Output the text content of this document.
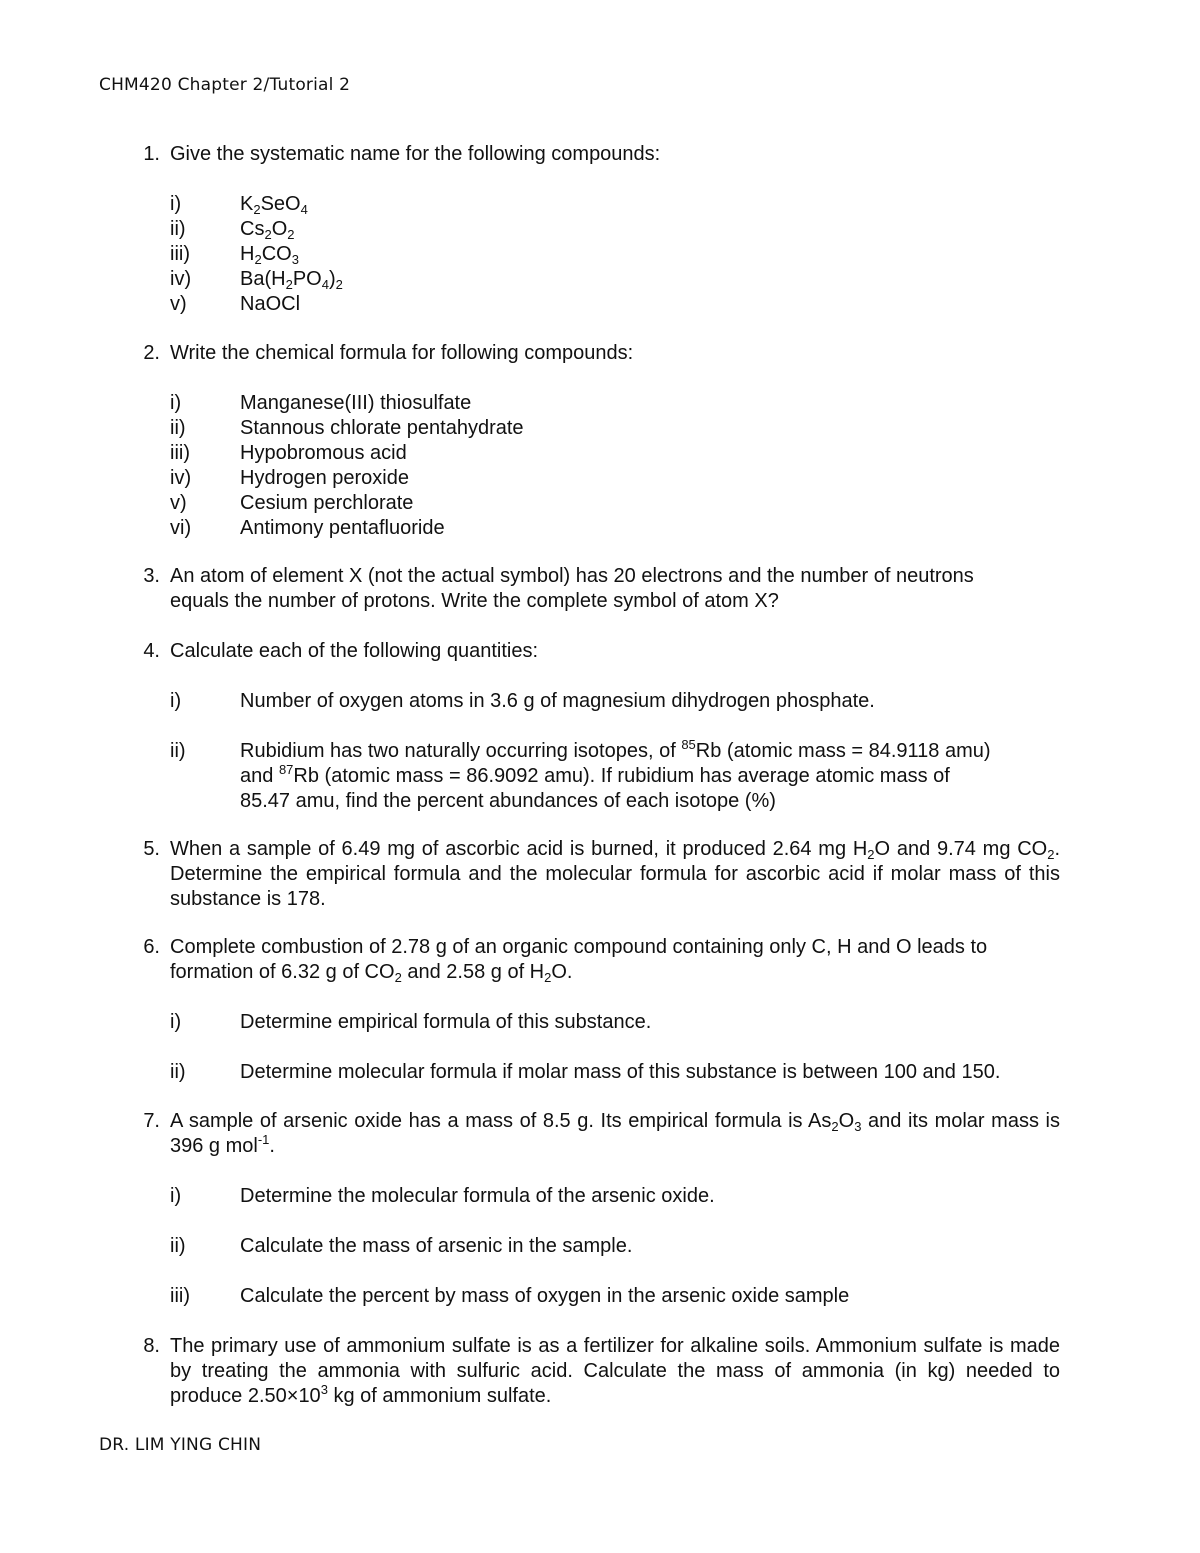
CHM420 Chapter 2/Tutorial 2
1. Give the systematic name for the following compounds:
i)	$K_2SeO_4$
ii)	$Cs_2O_2$
iii)	$H_2CO_3$
iv) $Ba(H_2PO_4)_2$
v)	NaOCl
2. Write the chemical formula for following compounds:
i)	Manganese(III) thiosulfate
ii)	Stannous chlorate pentahydrate
iii)	Hypobromous acid
iv) Hydrogen peroxide
v)	Cesium perchlorate
vi) Antimony pentafluoride
3. An atom of element X (not the actual symbol) has 20 electrons and the number of neutrons
equals the number of protons. Write the complete symbol of atom X?
4. Calculate each of the following quantities:
i)	Number of oxygen atoms in 3.6 g of magnesium dihydrogen phosphate.
ii)	Rubidium has two naturally occurring isotopes, of $^{85}$Rb (atomic mass = 84.9118 amu)
and $^{87}$Rb (atomic mass = 86.9092 amu). If rubidium has average atomic mass of
85.47 amu, find the percent abundances of each isotope (%)
5. When a sample of 6.49 mg of ascorbic acid is burned, it produced 2.64 mg $H_2O$ and 9.74 mg $CO_2$. Determine the empirical formula and the molecular formula for ascorbic acid if molar mass of this substance is 178.
6. Complete combustion of 2.78 g of an organic compound containing only C, H and O leads to
formation of 6.32 g of $CO_2$ and 2.58 g of $H_2O$.
i)	Determine empirical formula of this substance.
ii)	Determine molecular formula if molar mass of this substance is between 100 and 150.
7. A sample of arsenic oxide has a mass of 8.5 g. Its empirical formula is $As_2O_3$ and its molar mass is 396 g mol$^{-1}$.
i)	Determine the molecular formula of the arsenic oxide.
ii)	Calculate the mass of arsenic in the sample.
iii)	Calculate the percent by mass of oxygen in the arsenic oxide sample
8. The primary use of ammonium sulfate is as a fertilizer for alkaline soils. Ammonium sulfate is made by treating the ammonia with sulfuric acid. Calculate the mass of ammonia (in kg) needed to produce $2.50\times 10^3$ kg of ammonium sulfate.
DR. LIM YING CHIN
